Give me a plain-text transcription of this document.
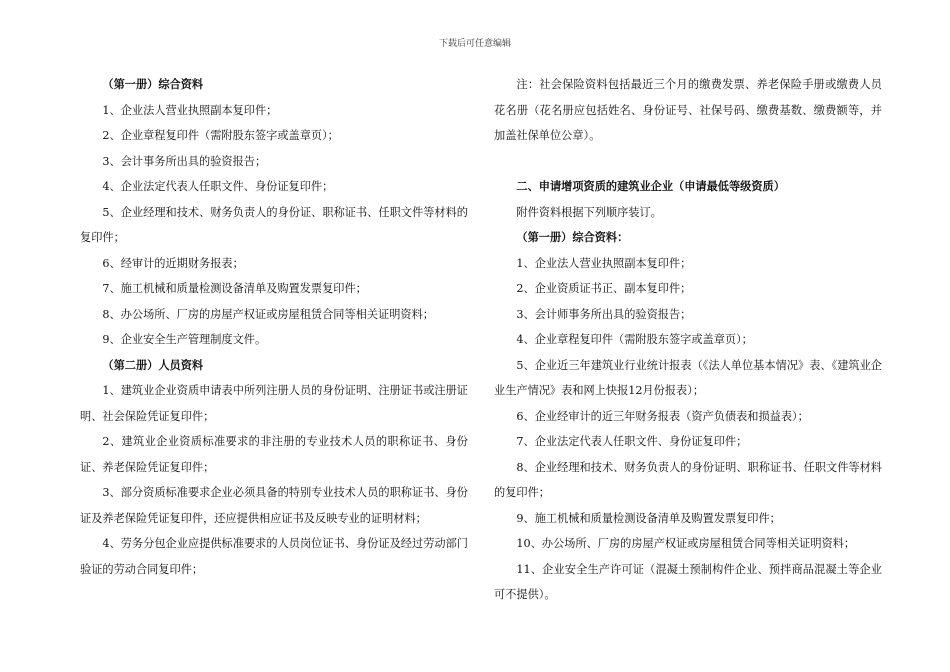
下载后可任意编辑

（第一册）综合资料

1、企业法人营业执照副本复印件；

2、企业章程复印件（需附股东签字或盖章页）；

3、会计事务所出具的验资报告；

4、企业法定代表人任职文件、身份证复印件；

5、企业经理和技术、财务负责人的身份证、职称证书、任职文件等材料的复印件；

6、经审计的近期财务报表；

7、施工机械和质量检测设备清单及购置发票复印件；

8、办公场所、厂房的房屋产权证或房屋租赁合同等相关证明资料；

9、企业安全生产管理制度文件。

（第二册）人员资料

1、建筑业企业资质申请表中所列注册人员的身份证明、注册证书或注册证明、社会保险凭证复印件；

2、建筑业企业资质标准要求的非注册的专业技术人员的职称证书、身份证、养老保险凭证复印件；

3、部分资质标准要求企业必须具备的特别专业技术人员的职称证书、身份证及养老保险凭证复印件，还应提供相应证书及反映专业的证明材料；

4、劳务分包企业应提供标准要求的人员岗位证书、身份证及经过劳动部门验证的劳动合同复印件；

注：社会保险资料包括最近三个月的缴费发票、养老保险手册或缴费人员花名册（花名册应包括姓名、身份证号、社保号码、缴费基数、缴费额等，并加盖社保单位公章）。

二、申请增项资质的建筑业企业（申请最低等级资质）

附件资料根据下列顺序装订。

（第一册）综合资料：

1、企业法人营业执照副本复印件；

2、企业资质证书正、副本复印件；

3、会计师事务所出具的验资报告；

4、企业章程复印件（需附股东签字或盖章页）；

5、企业近三年建筑业行业统计报表（《法人单位基本情况》表、《建筑业企业生产情况》表和网上快报12月份报表）；

6、企业经审计的近三年财务报表（资产负债表和损益表）；

7、企业法定代表人任职文件、身份证复印件；

8、企业经理和技术、财务负责人的身份证明、职称证书、任职文件等材料的复印件；

9、施工机械和质量检测设备清单及购置发票复印件；

10、办公场所、厂房的房屋产权证或房屋租赁合同等相关证明资料；

11、企业安全生产许可证（混凝土预制构件企业、预拌商品混凝土等企业可不提供）。
